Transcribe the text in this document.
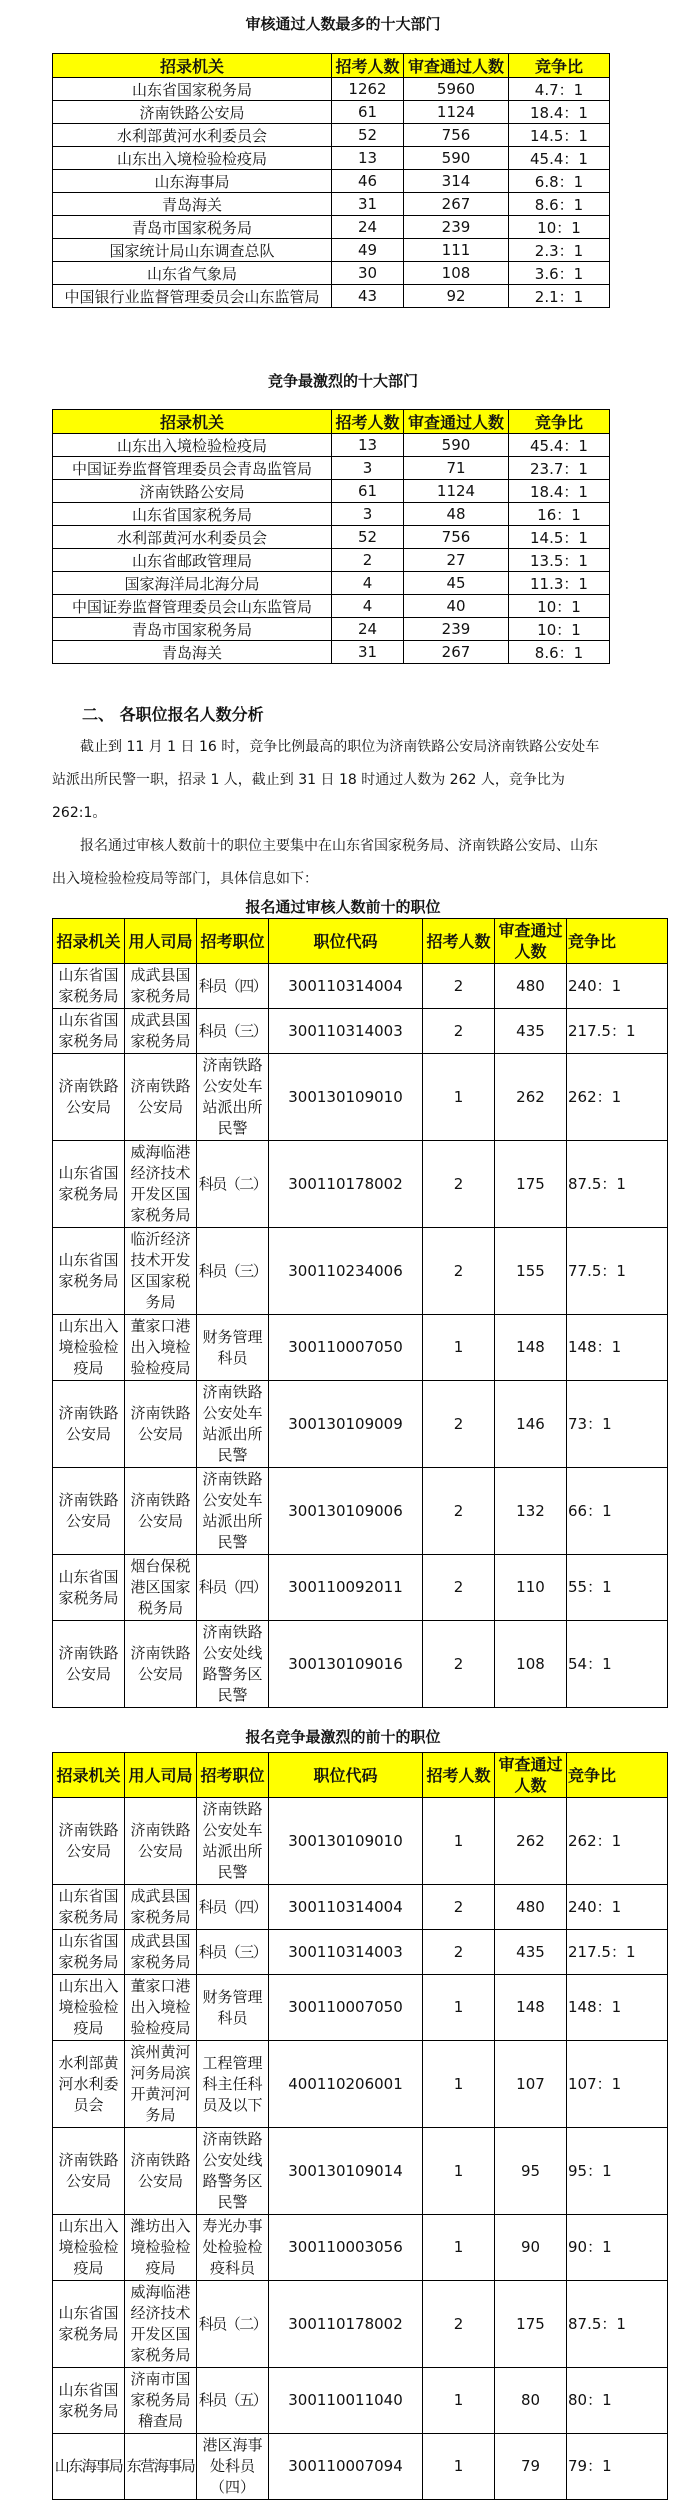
审核通过人数最多的十大部门
招录机关	招考人数	审查通过人数	竞争比
山东省国家税务局	1262	5960	4.7：1
济南铁路公安局	61	1124	18.4：1
水利部黄河水利委员会	52	756	14.5：1
山东出入境检验检疫局	13	590	45.4：1
山东海事局	46	314	6.8：1
青岛海关	31	267	8.6：1
青岛市国家税务局	24	239	10：1
国家统计局山东调查总队	49	111	2.3：1
山东省气象局	30	108	3.6：1
中国银行业监督管理委员会山东监管局	43	92	2.1：1
竞争最激烈的十大部门
招录机关	招考人数	审查通过人数	竞争比
山东出入境检验检疫局	13	590	45.4：1
中国证券监督管理委员会青岛监管局	3	71	23.7：1
济南铁路公安局	61	1124	18.4：1
山东省国家税务局	3	48	16：1
水利部黄河水利委员会	52	756	14.5：1
山东省邮政管理局	2	27	13.5：1
国家海洋局北海分局	4	45	11.3：1
中国证券监督管理委员会山东监管局	4	40	10：1
青岛市国家税务局	24	239	10：1
青岛海关	31	267	8.6：1
二、 各职位报名人数分析
截止到 11 月 1 日 16 时，竞争比例最高的职位为济南铁路公安局济南铁路公安处车站派出所民警一职，招录 1 人，截止到 31 日 18 时通过人数为 262 人，竞争比为 262:1。
报名通过审核人数前十的职位主要集中在山东省国家税务局、济南铁路公安局、山东出入境检验检疫局等部门，具体信息如下：
报名通过审核人数前十的职位
招录机关	用人司局	招考职位	职位代码	招考人数	审查通过人数	竞争比
山东省国家税务局	成武县国家税务局	科员（四）	300110314004	2	480	240：1
山东省国家税务局	成武县国家税务局	科员（三）	300110314003	2	435	217.5：1
济南铁路公安局	济南铁路公安局	济南铁路公安处车站派出所民警	300130109010	1	262	262：1
山东省国家税务局	威海临港经济技术开发区国家税务局	科员（二）	300110178002	2	175	87.5：1
山东省国家税务局	临沂经济技术开发区国家税务局	科员（三）	300110234006	2	155	77.5：1
山东出入境检验检疫局	董家口港出入境检验检疫局	财务管理科员	300110007050	1	148	148：1
济南铁路公安局	济南铁路公安局	济南铁路公安处车站派出所民警	300130109009	2	146	73：1
济南铁路公安局	济南铁路公安局	济南铁路公安处车站派出所民警	300130109006	2	132	66：1
山东省国家税务局	烟台保税港区国家税务局	科员（四）	300110092011	2	110	55：1
济南铁路公安局	济南铁路公安局	济南铁路公安处线路警务区民警	300130109016	2	108	54：1
报名竞争最激烈的前十的职位
招录机关	用人司局	招考职位	职位代码	招考人数	审查通过人数	竞争比
济南铁路公安局	济南铁路公安局	济南铁路公安处车站派出所民警	300130109010	1	262	262：1
山东省国家税务局	成武县国家税务局	科员（四）	300110314004	2	480	240：1
山东省国家税务局	成武县国家税务局	科员（三）	300110314003	2	435	217.5：1
山东出入境检验检疫局	董家口港出入境检验检疫局	财务管理科员	300110007050	1	148	148：1
水利部黄河水利委员会	滨州黄河河务局滨开黄河河务局	工程管理科主任科员及以下	400110206001	1	107	107：1
济南铁路公安局	济南铁路公安局	济南铁路公安处线路警务区民警	300130109014	1	95	95：1
山东出入境检验检疫局	潍坊出入境检验检疫局	寿光办事处检验检疫科员	300110003056	1	90	90：1
山东省国家税务局	威海临港经济技术开发区国家税务局	科员（二）	300110178002	2	175	87.5：1
山东省国家税务局	济南市国家税务局稽查局	科员（五）	300110011040	1	80	80：1
山东海事局	东营海事局	港区海事处科员（四）	300110007094	1	79	79：1
